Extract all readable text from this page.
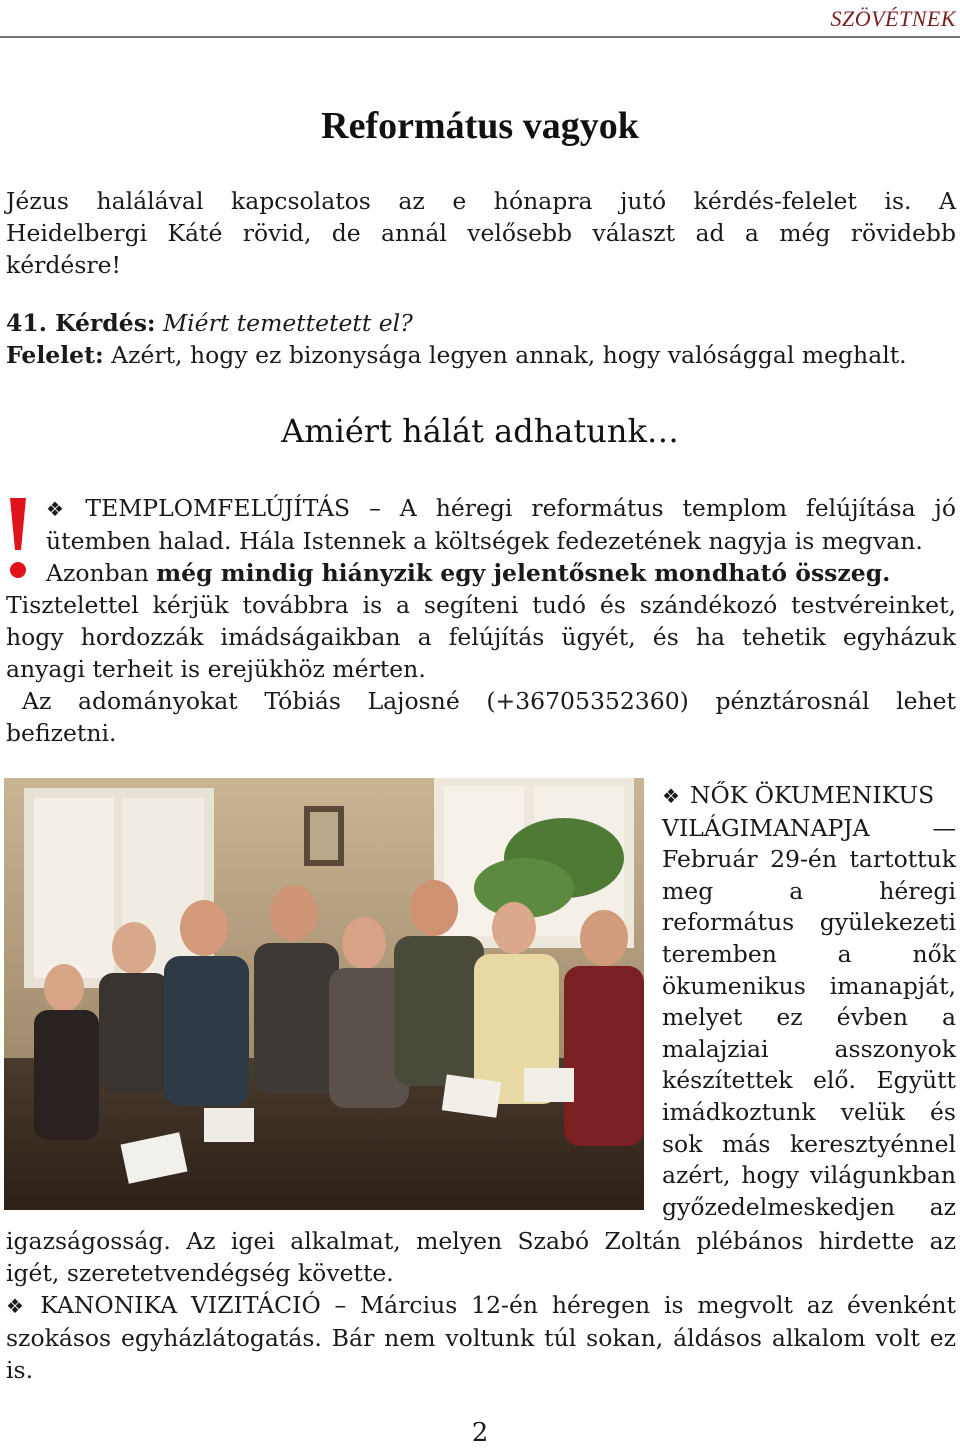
SZÖVÉTNEK
Református vagyok
Jézus halálával kapcsolatos az e hónapra jutó kérdés-felelet is. A
Heidelbergi Káté rövid, de annál velősebb választ ad a még rövidebb
kérdésre!
41. Kérdés: Miért temettetett el?
Felelet: Azért, hogy ez bizonysága legyen annak, hogy valósággal meghalt.
Amiért hálát adhatunk…
❖ TEMPLOMFELÚJÍTÁS – A héregi református templom felújítása jó
ütemben halad. Hála Istennek a költségek fedezetének nagyja is megvan.
Azonban még mindig hiányzik egy jelentősnek mondható összeg.
Tisztelettel kérjük továbbra is a segíteni tudó és szándékozó testvéreinket,
hogy hordozzák imádságaikban a felújítás ügyét, és ha tehetik egyházuk
anyagi terheit is erejükhöz mérten.
Az adományokat Tóbiás Lajosné (+36705352360) pénztárosnál lehet
befizetni.
❖ NŐK ÖKUMENIKUS
VILÁGIMANAPJA —
Február 29-én tartottuk
meg a héregi
református gyülekezeti
teremben a nők
ökumenikus imanapját,
melyet ez évben a
malajziai asszonyok
készítettek elő. Együtt
imádkoztunk velük és
sok más keresztyénnel
azért, hogy világunkban
győzedelmeskedjen az
igazságosság. Az igei alkalmat, melyen Szabó Zoltán plébános hirdette az
igét, szeretetvendégség követte.
❖ KANONIKA VIZITÁCIÓ – Március 12-én héregen is megvolt az évenként
szokásos egyházlátogatás. Bár nem voltunk túl sokan, áldásos alkalom volt ez
is.
2
